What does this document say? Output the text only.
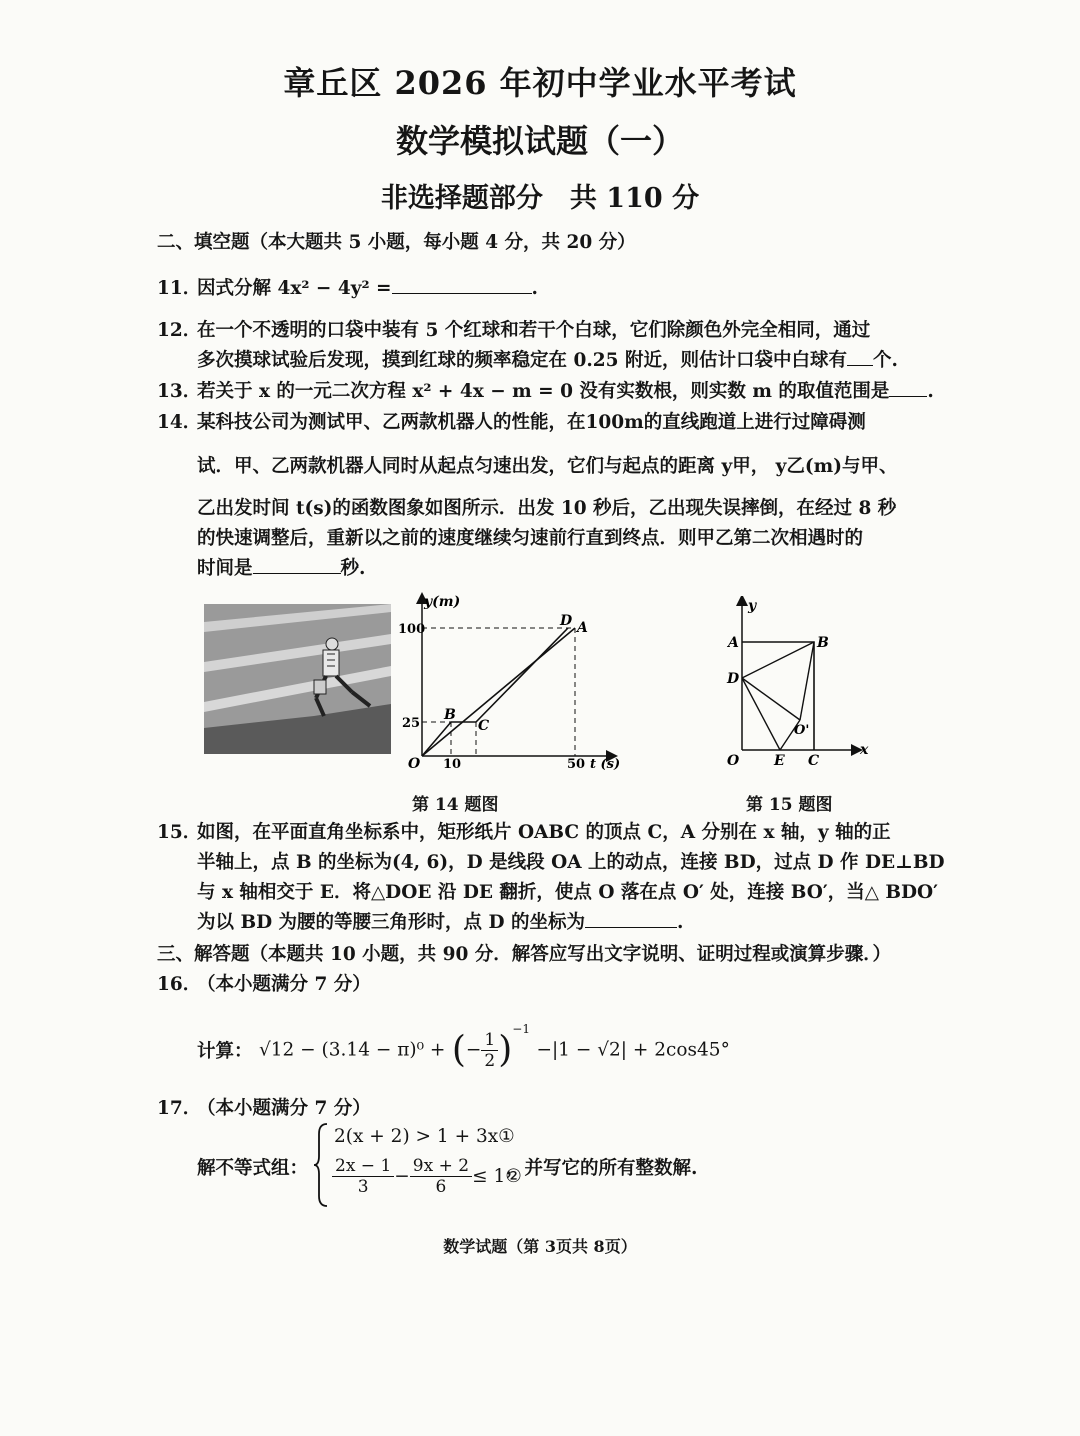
章丘区 2026 年初中学业水平考试
数学模拟试题（一）
非选择题部分　共 110 分
二、填空题（本大题共 5 小题，每小题 4 分，共 20 分）
11．因式分解 4x² − 4y² =	.
12．在一个不透明的口袋中装有 5 个红球和若干个白球，它们除颜色外完全相同，通过
多次摸球试验后发现，摸到红球的频率稳定在 0.25 附近，则估计口袋中白球有 个.
13．若关于 x 的一元二次方程 x² + 4x − m = 0 没有实数根，则实数 m 的取值范围是 .
14．某科技公司为测试甲、乙两款机器人的性能，在100m的直线跑道上进行过障碍测
试．甲、乙两款机器人同时从起点匀速出发，它们与起点的距离 y甲， y乙(m)与甲、
乙出发时间 t(s)的函数图象如图所示．出发 10 秒后，乙出现失误摔倒，在经过 8 秒
的快速调整后，重新以之前的速度继续匀速前行直到终点．则甲乙第二次相遇时的
时间是	秒.
y(m)
100
25
O 10	50 t (s)
A
B
C
D
y
x
A	B
D
O'
O E C
第 14 题图	第 15 题图
15．如图，在平面直角坐标系中，矩形纸片 OABC 的顶点 C，A 分别在 x 轴，y 轴的正
半轴上，点 B 的坐标为(4, 6)，D 是线段 OA 上的动点，连接 BD，过点 D 作 DE⊥BD
与 x 轴相交于 E．将△DOE 沿 DE 翻折，使点 O 落在点 O′ 处，连接 BO′，当△ BDO′
为以 BD 为腰的等腰三角形时，点 D 的坐标为	.
三、解答题（本题共 10 小题，共 90 分．解答应写出文字说明、证明过程或演算步骤．）
16．（本小题满分 7 分）
计算： √12 − (3.14 − π)⁰ + (− $\frac{1}{2} )^{-1} -|1 - √2| + 2\cos 45^\circ$
17．（本小题满分 7 分）
解不等式组：
2(x + 2) > 1 + 3x①
$\frac{2x - 1}{3} - \frac{9x + 2}{6}$ ≤ 1②
，并写它的所有整数解.
数学试题（第 3页共 8页）
